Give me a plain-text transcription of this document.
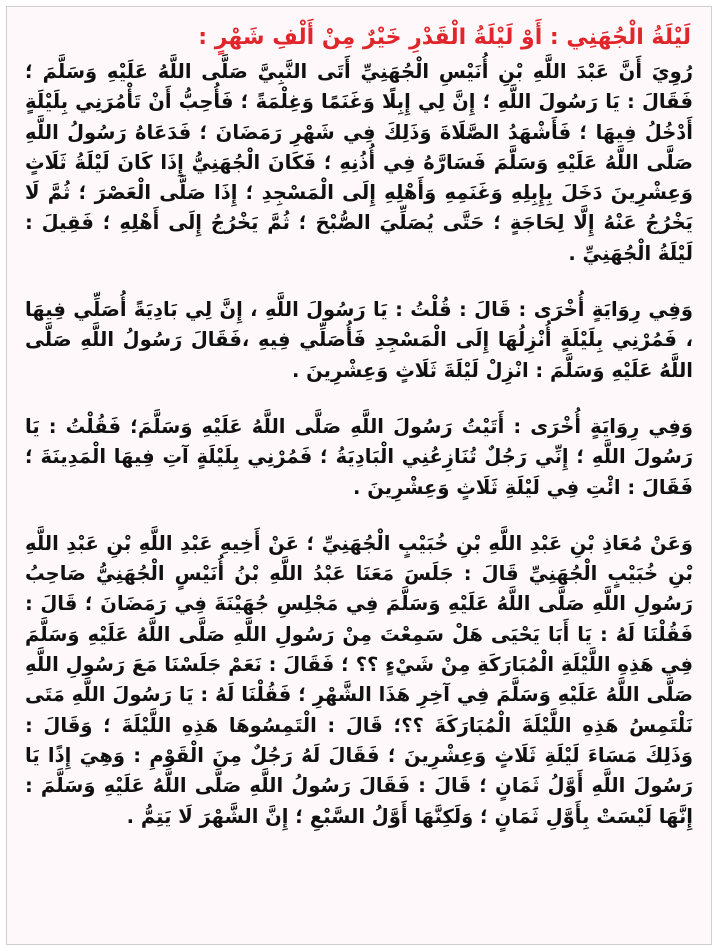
لَيْلَةُ الْجُهَنِي : أَوْ لَيْلَةُ الْقَدْرِ خَيْرٌ مِنْ أَلْفِ شَهْرٍ :

رُوِيَ أَنَّ عَبْدَ اللَّهِ بْنِ أُنَيْسِ الْجُهَنِيِّ أَتَى النَّبِيَّ صَلَّى اللَّهُ عَلَيْهِ وَسَلَّمَ ؛ فَقَالَ : يَا رَسُولَ اللَّهِ ؛ إِنَّ لِي إِبِلًا وَغَنَمًا وَغِلْمَةً ؛ فَأُحِبُّ أَنْ تَأْمُرَنِي بِلَيْلَةٍ أَدْخُلُ فِيهَا ؛ فَأَشْهَدُ الصَّلَاةَ وَذَلِكَ فِي شَهْرِ رَمَضَانَ ؛ فَدَعَاهُ رَسُولُ اللَّهِ صَلَّى اللَّهُ عَلَيْهِ وَسَلَّمَ فَسَارَّهُ فِي أُذُنِهِ ؛ فَكَانَ الْجُهَنِيُّ إِذَا كَانَ لَيْلَةُ ثَلَاثٍ وَعِشْرِينَ دَخَلَ بِإِبِلِهِ وَغَنَمِهِ وَأَهْلِهِ إِلَى الْمَسْجِدِ ؛ إِذَا صَلَّى الْعَصْرَ ؛ ثُمَّ لَا يَخْرُجُ عَنْهُ إِلَّا لِحَاجَةٍ ؛ حَتَّى يُصَلِّيَ الصُّبْحَ ؛ ثُمَّ يَخْرُجُ إِلَى أَهْلِهِ ؛ فَقِيلَ : لَيْلَةُ الْجُهَنِيِّ .

وَفِي رِوَايَةٍ أُخْرَى : قَالَ : قُلْتُ : يَا رَسُولَ اللَّهِ ، إِنَّ لِي بَادِيَةً أُصَلِّي فِيهَا ، فَمُرْنِي بِلَيْلَةٍ أُنْزِلُهَا إِلَى الْمَسْجِدِ فَأُصَلِّي فِيهِ ،فَقَالَ رَسُولُ اللَّهِ صَلَّى اللَّهُ عَلَيْهِ وَسَلَّمَ : انْزِلْ لَيْلَةَ ثَلَاثٍ وَعِشْرِينَ .

وَفِي رِوَايَةٍ أُخْرَى : أَتَيْتُ رَسُولَ اللَّهِ صَلَّى اللَّهُ عَلَيْهِ وَسَلَّمَ؛ فَقُلْتُ : يَا رَسُولَ اللَّهِ ؛ إِنِّي رَجُلٌ تُنَازِعُنِي الْبَادِيَةُ ؛ فَمُرْنِي بِلَيْلَةٍ آتِ فِيهَا الْمَدِينَةَ ؛ فَقَالَ : ائْتِ فِي لَيْلَةِ ثَلَاثٍ وَعِشْرِينَ .

وَعَنْ مُعَاذِ بْنِ عَبْدِ اللَّهِ بْنِ خُبَيْبٍ الْجُهَنِيِّ ؛ عَنْ أَخِيهِ عَبْدِ اللَّهِ بْنِ عَبْدِ اللَّهِ بْنِ خُبَيْبٍ الْجُهَنِيِّ قَالَ : جَلَسَ مَعَنَا عَبْدُ اللَّهِ بْنُ أُنَيْسٍ الْجُهَنِيُّ صَاحِبُ رَسُولِ اللَّهِ صَلَّى اللَّهُ عَلَيْهِ وَسَلَّمَ فِي مَجْلِسِ جُهَيْنَةَ فِي رَمَضَانَ ؛ قَالَ : فَقُلْنَا لَهُ : يَا أَبَا يَحْيَى هَلْ سَمِعْتَ مِنْ رَسُولِ اللَّهِ صَلَّى اللَّهُ عَلَيْهِ وَسَلَّمَ فِي هَذِهِ اللَّيْلَةِ الْمُبَارَكَةِ مِنْ شَيْءٍ ؟؟ ؛ فَقَالَ : نَعَمْ جَلَسْنَا مَعَ رَسُولِ اللَّهِ صَلَّى اللَّهُ عَلَيْهِ وَسَلَّمَ فِي آخِرِ هَذَا الشَّهْرِ ؛ فَقُلْنَا لَهُ : يَا رَسُولَ اللَّهِ مَتَى نَلْتَمِسُ هَذِهِ اللَّيْلَةَ الْمُبَارَكَةَ ؟؟؛ قَالَ : الْتَمِسُوهَا هَذِهِ اللَّيْلَةَ ؛ وَقَالَ : وَذَلِكَ مَسَاءَ لَيْلَةِ ثَلَاثٍ وَعِشْرِينَ ؛ فَقَالَ لَهُ رَجُلٌ مِنَ الْقَوْمِ : وَهِيَ إِذًا يَا رَسُولَ اللَّهِ أَوَّلُ ثَمَانٍ ؛ قَالَ : فَقَالَ رَسُولُ اللَّهِ صَلَّى اللَّهُ عَلَيْهِ وَسَلَّمَ : إِنَّهَا لَيْسَتْ بِأَوَّلِ ثَمَانٍ ؛ وَلَكِنَّهَا أَوَّلُ السَّبْعِ ؛ إِنَّ الشَّهْرَ لَا يَتِمُّ .
